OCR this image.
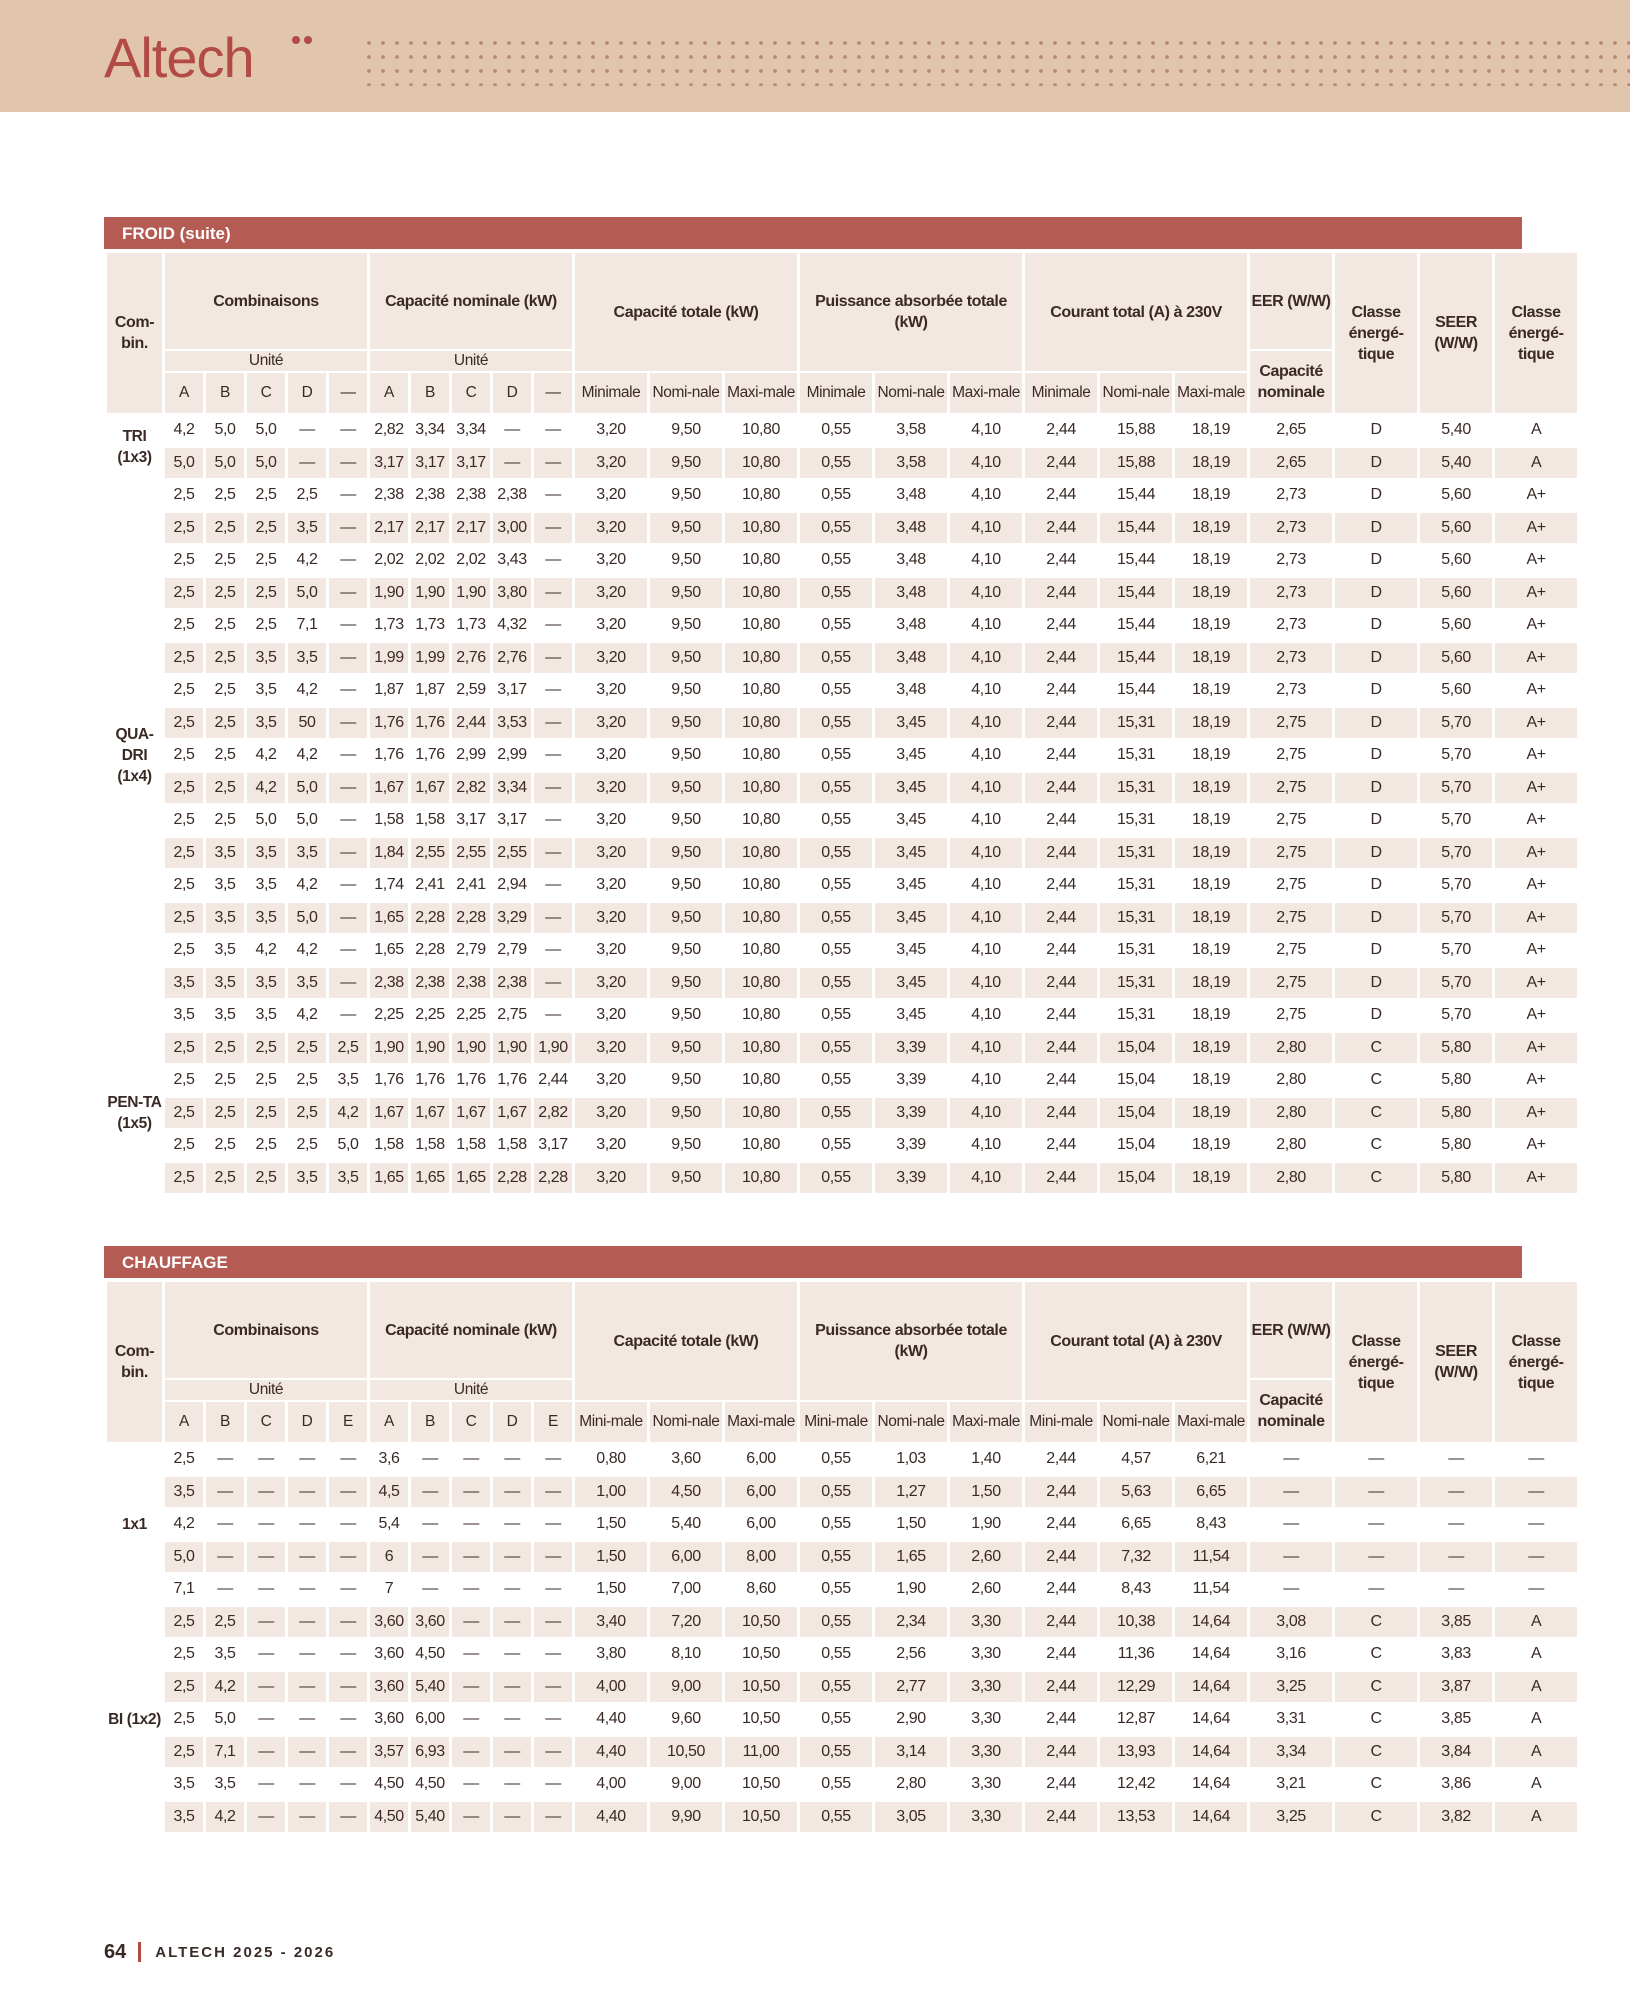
Altech
FROID (suite)
Com-bin.	Combinaisons					Capacité nominale (kW)					Capacité totale (kW)			Puissance absorbée totale (kW)			Courant total (A) à 230V			EER (W/W)	Classe énergé-tique	SEER (W/W)	Classe énergé-tique
	Unité					Unité														Capacité nominale			
	A	B	C	D	—	A	B	C	D	—	Minimale	Nomi-nale	Maxi-male	Minimale	Nomi-nale	Maxi-male	Minimale	Nomi-nale	Maxi-male				
TRI (1x3)	4,2	5,0	5,0	—	—	2,82	3,34	3,34	—	—	3,20	9,50	10,80	0,55	3,58	4,10	2,44	15,88	18,19	2,65	D	5,40	A
	5,0	5,0	5,0	—	—	3,17	3,17	3,17	—	—	3,20	9,50	10,80	0,55	3,58	4,10	2,44	15,88	18,19	2,65	D	5,40	A
QUA-DRI (1x4)	2,5	2,5	2,5	2,5	—	2,38	2,38	2,38	2,38	—	3,20	9,50	10,80	0,55	3,48	4,10	2,44	15,44	18,19	2,73	D	5,60	A+
	2,5	2,5	2,5	3,5	—	2,17	2,17	2,17	3,00	—	3,20	9,50	10,80	0,55	3,48	4,10	2,44	15,44	18,19	2,73	D	5,60	A+
	2,5	2,5	2,5	4,2	—	2,02	2,02	2,02	3,43	—	3,20	9,50	10,80	0,55	3,48	4,10	2,44	15,44	18,19	2,73	D	5,60	A+
	2,5	2,5	2,5	5,0	—	1,90	1,90	1,90	3,80	—	3,20	9,50	10,80	0,55	3,48	4,10	2,44	15,44	18,19	2,73	D	5,60	A+
	2,5	2,5	2,5	7,1	—	1,73	1,73	1,73	4,32	—	3,20	9,50	10,80	0,55	3,48	4,10	2,44	15,44	18,19	2,73	D	5,60	A+
	2,5	2,5	3,5	3,5	—	1,99	1,99	2,76	2,76	—	3,20	9,50	10,80	0,55	3,48	4,10	2,44	15,44	18,19	2,73	D	5,60	A+
	2,5	2,5	3,5	4,2	—	1,87	1,87	2,59	3,17	—	3,20	9,50	10,80	0,55	3,48	4,10	2,44	15,44	18,19	2,73	D	5,60	A+
	2,5	2,5	3,5	50	—	1,76	1,76	2,44	3,53	—	3,20	9,50	10,80	0,55	3,45	4,10	2,44	15,31	18,19	2,75	D	5,70	A+
	2,5	2,5	4,2	4,2	—	1,76	1,76	2,99	2,99	—	3,20	9,50	10,80	0,55	3,45	4,10	2,44	15,31	18,19	2,75	D	5,70	A+
	2,5	2,5	4,2	5,0	—	1,67	1,67	2,82	3,34	—	3,20	9,50	10,80	0,55	3,45	4,10	2,44	15,31	18,19	2,75	D	5,70	A+
	2,5	2,5	5,0	5,0	—	1,58	1,58	3,17	3,17	—	3,20	9,50	10,80	0,55	3,45	4,10	2,44	15,31	18,19	2,75	D	5,70	A+
	2,5	3,5	3,5	3,5	—	1,84	2,55	2,55	2,55	—	3,20	9,50	10,80	0,55	3,45	4,10	2,44	15,31	18,19	2,75	D	5,70	A+
	2,5	3,5	3,5	4,2	—	1,74	2,41	2,41	2,94	—	3,20	9,50	10,80	0,55	3,45	4,10	2,44	15,31	18,19	2,75	D	5,70	A+
	2,5	3,5	3,5	5,0	—	1,65	2,28	2,28	3,29	—	3,20	9,50	10,80	0,55	3,45	4,10	2,44	15,31	18,19	2,75	D	5,70	A+
	2,5	3,5	4,2	4,2	—	1,65	2,28	2,79	2,79	—	3,20	9,50	10,80	0,55	3,45	4,10	2,44	15,31	18,19	2,75	D	5,70	A+
	3,5	3,5	3,5	3,5	—	2,38	2,38	2,38	2,38	—	3,20	9,50	10,80	0,55	3,45	4,10	2,44	15,31	18,19	2,75	D	5,70	A+
	3,5	3,5	3,5	4,2	—	2,25	2,25	2,25	2,75	—	3,20	9,50	10,80	0,55	3,45	4,10	2,44	15,31	18,19	2,75	D	5,70	A+
PEN-TA (1x5)	2,5	2,5	2,5	2,5	2,5	1,90	1,90	1,90	1,90	1,90	3,20	9,50	10,80	0,55	3,39	4,10	2,44	15,04	18,19	2,80	C	5,80	A+
	2,5	2,5	2,5	2,5	3,5	1,76	1,76	1,76	1,76	2,44	3,20	9,50	10,80	0,55	3,39	4,10	2,44	15,04	18,19	2,80	C	5,80	A+
	2,5	2,5	2,5	2,5	4,2	1,67	1,67	1,67	1,67	2,82	3,20	9,50	10,80	0,55	3,39	4,10	2,44	15,04	18,19	2,80	C	5,80	A+
	2,5	2,5	2,5	2,5	5,0	1,58	1,58	1,58	1,58	3,17	3,20	9,50	10,80	0,55	3,39	4,10	2,44	15,04	18,19	2,80	C	5,80	A+
	2,5	2,5	2,5	3,5	3,5	1,65	1,65	1,65	2,28	2,28	3,20	9,50	10,80	0,55	3,39	4,10	2,44	15,04	18,19	2,80	C	5,80	A+
CHAUFFAGE
Com-bin.	Combinaisons					Capacité nominale (kW)					Capacité totale (kW)			Puissance absorbée totale (kW)			Courant total (A) à 230V			EER (W/W)	Classe énergé-tique	SEER (W/W)	Classe énergé-tique
	Unité					Unité														Capacité nominale			
	A	B	C	D	E	A	B	C	D	E	Mini-male	Nomi-nale	Maxi-male	Mini-male	Nomi-nale	Maxi-male	Mini-male	Nomi-nale	Maxi-male				
1x1	2,5	—	—	—	—	3,6	—	—	—	—	0,80	3,60	6,00	0,55	1,03	1,40	2,44	4,57	6,21	—	—	—	—
	3,5	—	—	—	—	4,5	—	—	—	—	1,00	4,50	6,00	0,55	1,27	1,50	2,44	5,63	6,65	—	—	—	—
	4,2	—	—	—	—	5,4	—	—	—	—	1,50	5,40	6,00	0,55	1,50	1,90	2,44	6,65	8,43	—	—	—	—
	5,0	—	—	—	—	6	—	—	—	—	1,50	6,00	8,00	0,55	1,65	2,60	2,44	7,32	11,54	—	—	—	—
	7,1	—	—	—	—	7	—	—	—	—	1,50	7,00	8,60	0,55	1,90	2,60	2,44	8,43	11,54	—	—	—	—
BI (1x2)	2,5	2,5	—	—	—	3,60	3,60	—	—	—	3,40	7,20	10,50	0,55	2,34	3,30	2,44	10,38	14,64	3,08	C	3,85	A
	2,5	3,5	—	—	—	3,60	4,50	—	—	—	3,80	8,10	10,50	0,55	2,56	3,30	2,44	11,36	14,64	3,16	C	3,83	A
	2,5	4,2	—	—	—	3,60	5,40	—	—	—	4,00	9,00	10,50	0,55	2,77	3,30	2,44	12,29	14,64	3,25	C	3,87	A
	2,5	5,0	—	—	—	3,60	6,00	—	—	—	4,40	9,60	10,50	0,55	2,90	3,30	2,44	12,87	14,64	3,31	C	3,85	A
	2,5	7,1	—	—	—	3,57	6,93	—	—	—	4,40	10,50	11,00	0,55	3,14	3,30	2,44	13,93	14,64	3,34	C	3,84	A
	3,5	3,5	—	—	—	4,50	4,50	—	—	—	4,00	9,00	10,50	0,55	2,80	3,30	2,44	12,42	14,64	3,21	C	3,86	A
	3,5	4,2	—	—	—	4,50	5,40	—	—	—	4,40	9,90	10,50	0,55	3,05	3,30	2,44	13,53	14,64	3,25	C	3,82	A
64 ALTECH 2025 - 2026
